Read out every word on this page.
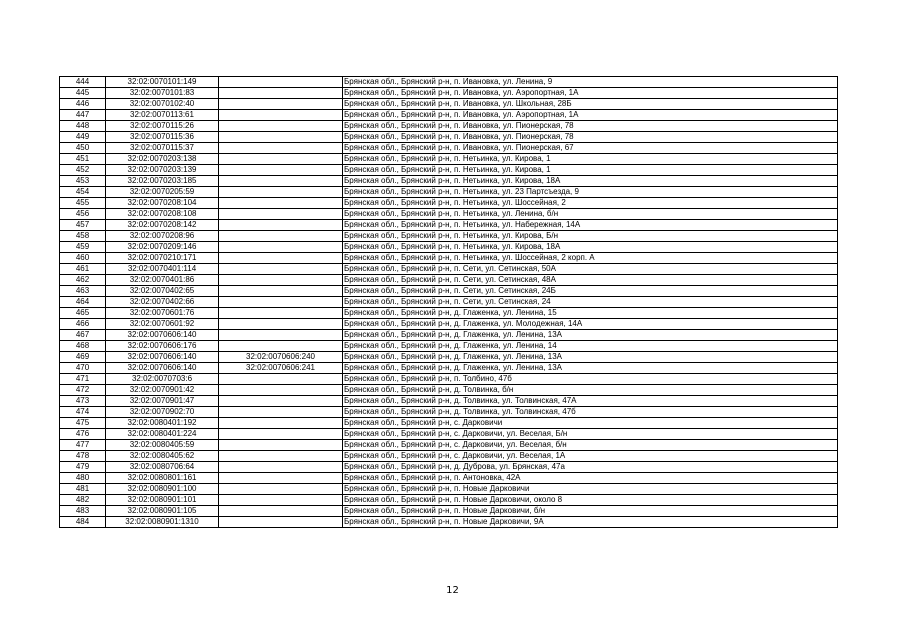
444	32:02:0070101:149		Брянская обл., Брянский р-н, п. Ивановка, ул. Ленина, 9
445	32:02:0070101:83		Брянская обл., Брянский р-н, п. Ивановка, ул. Аэропортная, 1А
446	32:02:0070102:40		Брянская обл., Брянский р-н, п. Ивановка, ул. Школьная, 28Б
447	32:02:0070113:61		Брянская обл., Брянский р-н, п. Ивановка, ул. Аэропортная, 1А
448	32:02:0070115:26		Брянская обл., Брянский р-н, п. Ивановка, ул. Пионерская, 78
449	32:02:0070115:36		Брянская обл., Брянский р-н, п. Ивановка, ул. Пионерская, 78
450	32:02:0070115:37		Брянская обл., Брянский р-н, п. Ивановка, ул. Пионерская, 67
451	32:02:0070203:138		Брянская обл., Брянский р-н, п. Нетьинка, ул. Кирова, 1
452	32:02:0070203:139		Брянская обл., Брянский р-н, п. Нетьинка, ул. Кирова, 1
453	32:02:0070203:185		Брянская обл., Брянский р-н, п. Нетьинка, ул. Кирова, 18А
454	32:02:0070205:59		Брянская обл., Брянский р-н, п. Нетьинка, ул. 23 Партсъезда, 9
455	32:02:0070208:104		Брянская обл., Брянский р-н, п. Нетьинка, ул. Шоссейная, 2
456	32:02:0070208:108		Брянская обл., Брянский р-н, п. Нетьинка, ул. Ленина, б/н
457	32:02:0070208:142		Брянская обл., Брянский р-н, п. Нетьинка, ул. Набережная, 14А
458	32:02:0070208:96		Брянская обл., Брянский р-н, п. Нетьинка, ул. Кирова, Б/н
459	32:02:0070209:146		Брянская обл., Брянский р-н, п. Нетьинка, ул. Кирова, 18А
460	32:02:0070210:171		Брянская обл., Брянский р-н, п. Нетьинка, ул. Шоссейная, 2 корп. А
461	32:02:0070401:114		Брянская обл., Брянский р-н, п. Сети, ул. Сетинская, 50А
462	32:02:0070401:86		Брянская обл., Брянский р-н, п. Сети, ул. Сетинская, 48А
463	32:02:0070402:65		Брянская обл., Брянский р-н, п. Сети, ул. Сетинская, 24Б
464	32:02:0070402:66		Брянская обл., Брянский р-н, п. Сети, ул. Сетинская, 24
465	32:02:0070601:76		Брянская обл., Брянский р-н, д. Глаженка, ул. Ленина, 15
466	32:02:0070601:92		Брянская обл., Брянский р-н, д. Глаженка, ул. Молодежная, 14А
467	32:02:0070606:140		Брянская обл., Брянский р-н, д. Глаженка, ул. Ленина, 13А
468	32:02:0070606:176		Брянская обл., Брянский р-н, д. Глаженка, ул. Ленина, 14
469	32:02:0070606:140	32:02:0070606:240	Брянская обл., Брянский р-н, д. Глаженка, ул. Ленина, 13А
470	32:02:0070606:140	32:02:0070606:241	Брянская обл., Брянский р-н, д. Глаженка, ул. Ленина, 13А
471	32:02:0070703:6		Брянская обл., Брянский р-н, п. Толбино, 47б
472	32:02:0070901:42		Брянская обл., Брянский р-н, д. Толвинка, б/н
473	32:02:0070901:47		Брянская обл., Брянский р-н, д. Толвинка, ул. Толвинская, 47А
474	32:02:0070902:70		Брянская обл., Брянский р-н, д. Толвинка, ул. Толвинская, 47б
475	32:02:0080401:192		Брянская обл., Брянский р-н, с. Дарковичи
476	32:02:0080401:224		Брянская обл., Брянский р-н, с. Дарковичи, ул. Веселая, Б/н
477	32:02:0080405:59		Брянская обл., Брянский р-н, с. Дарковичи, ул. Веселая, б/н
478	32:02:0080405:62		Брянская обл., Брянский р-н, с. Дарковичи, ул. Веселая, 1А
479	32:02:0080706:64		Брянская обл., Брянский р-н, д. Дуброва, ул. Брянская, 47а
480	32:02:0080801:161		Брянская обл., Брянский р-н, п. Антоновка, 42А
481	32:02:0080901:100		Брянская обл., Брянский р-н, п. Новые Дарковичи
482	32:02:0080901:101		Брянская обл., Брянский р-н, п. Новые Дарковичи, около 8
483	32:02:0080901:105		Брянская обл., Брянский р-н, п. Новые Дарковичи, б/н
484	32:02:0080901:1310		Брянская обл., Брянский р-н, п. Новые Дарковичи, 9А
12
